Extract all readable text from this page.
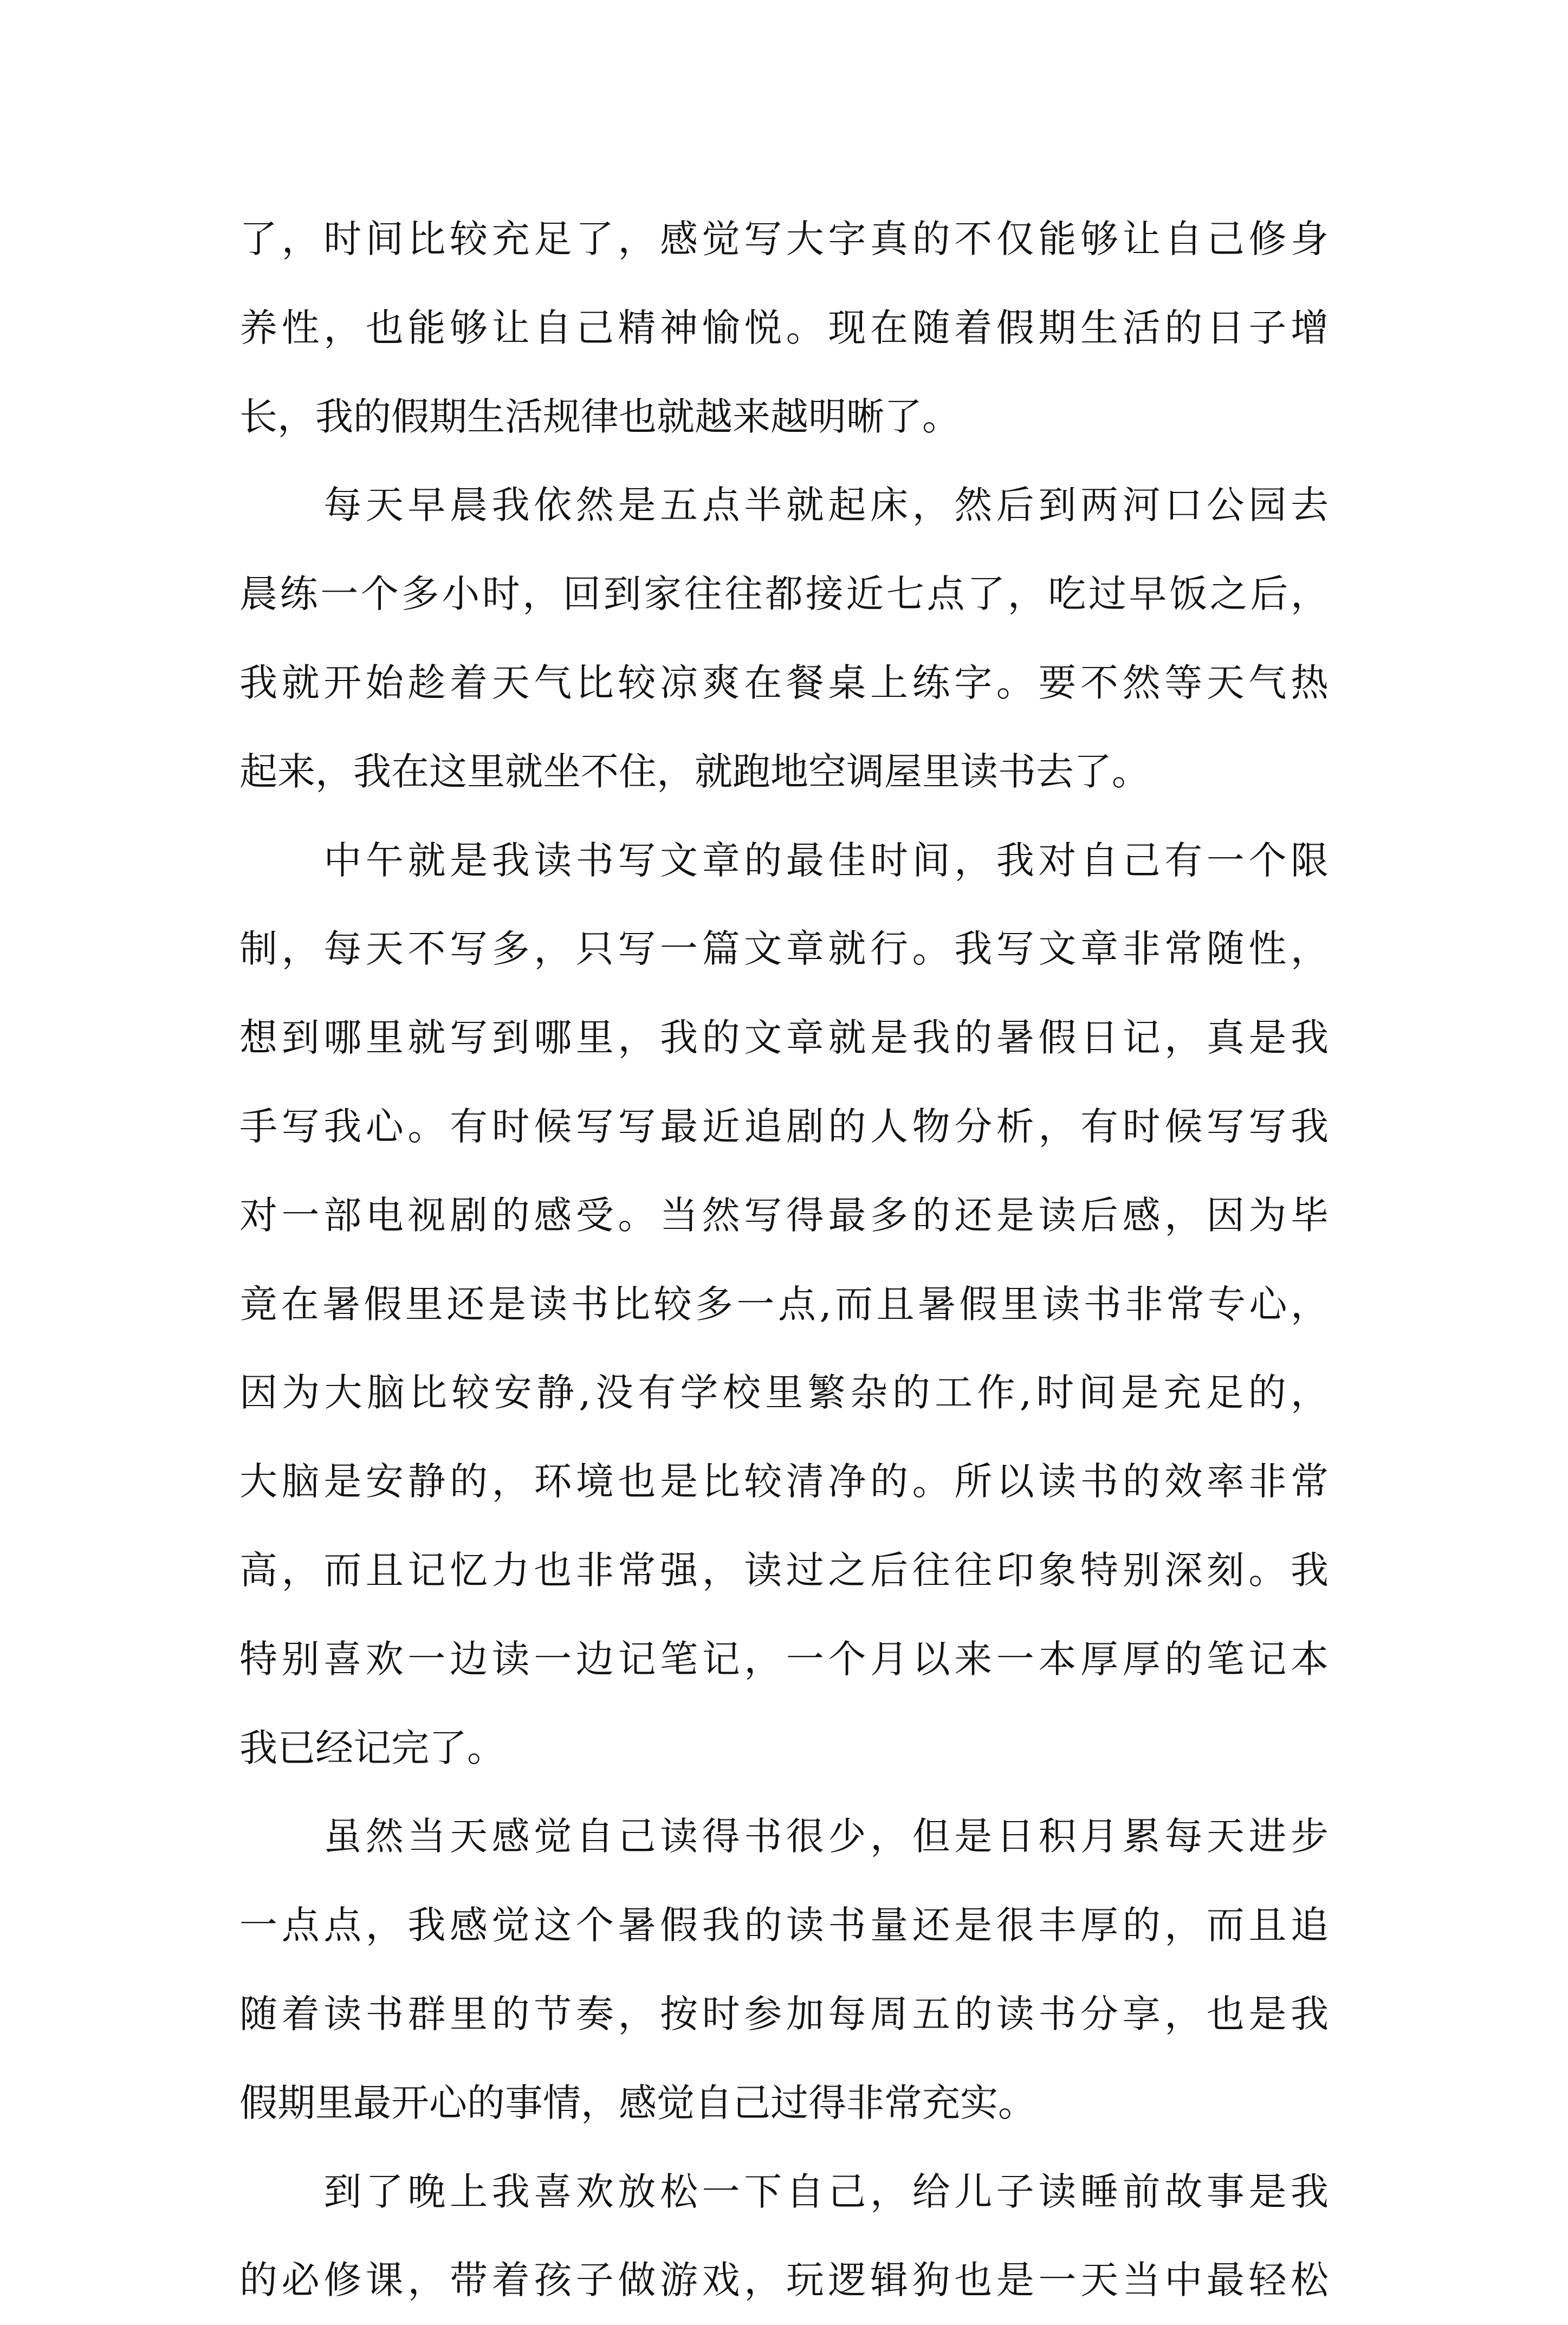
了，时间比较充足了，感觉写大字真的不仅能够让自己修身
养性，也能够让自己精神愉悦。现在随着假期生活的日子增
长，我的假期生活规律也就越来越明晰了。
　　每天早晨我依然是五点半就起床，然后到两河口公园去
晨练一个多小时，回到家往往都接近七点了，吃过早饭之后，
我就开始趁着天气比较凉爽在餐桌上练字。要不然等天气热
起来，我在这里就坐不住，就跑地空调屋里读书去了。
　　中午就是我读书写文章的最佳时间，我对自己有一个限
制，每天不写多，只写一篇文章就行。我写文章非常随性，
想到哪里就写到哪里，我的文章就是我的暑假日记，真是我
手写我心。有时候写写最近追剧的人物分析，有时候写写我
对一部电视剧的感受。当然写得最多的还是读后感，因为毕
竟在暑假里还是读书比较多一点,而且暑假里读书非常专心，
因为大脑比较安静,没有学校里繁杂的工作,时间是充足的，
大脑是安静的，环境也是比较清净的。所以读书的效率非常
高，而且记忆力也非常强，读过之后往往印象特别深刻。我
特别喜欢一边读一边记笔记，一个月以来一本厚厚的笔记本
我已经记完了。
　　虽然当天感觉自己读得书很少，但是日积月累每天进步
一点点，我感觉这个暑假我的读书量还是很丰厚的，而且追
随着读书群里的节奏，按时参加每周五的读书分享，也是我
假期里最开心的事情，感觉自己过得非常充实。
　　到了晚上我喜欢放松一下自己，给儿子读睡前故事是我
的必修课，带着孩子做游戏，玩逻辑狗也是一天当中最轻松
